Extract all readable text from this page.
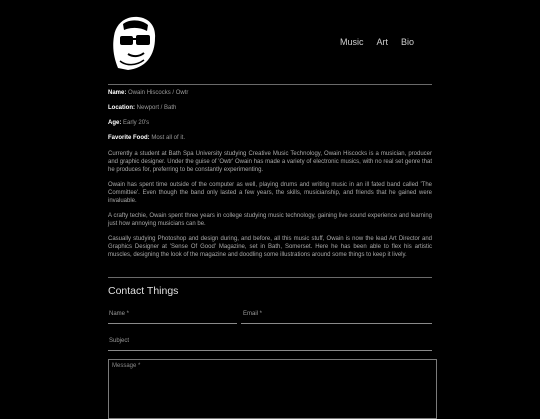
Music Art Bio
Name: Owain Hiscocks / Owtr
Location: Newport / Bath
Age: Early 20's
Favorite Food: Most all of it.

Currently a student at Bath Spa University studying Creative Music Technology, Owain Hiscocks is a musician, producer and graphic designer. Under the guise of 'Owtr' Owain has made a variety of electronic musics, with no real set genre that he produces for, preferring to be constantly experimenting.

Owain has spent time outside of the computer as well, playing drums and writing music in an ill fated band called 'The Committee'. Even though the band only lasted a few years, the skills, musicianship, and friends that he gained were invaluable.

A crafty techie, Owain spent three years in college studying music technology, gaining live sound experience and learning just how annoying musicians can be.

Casually studying Photoshop and design during, and before, all this music stuff, Owain is now the lead Art Director and Graphics Designer at 'Sense Of Good' Magazine, set in Bath, Somerset. Here he has been able to flex his artistic muscles, designing the look of the magazine and doodling some illustrations around some things to keep it lively.

Contact Things
Name *	Email *
Subject
Message *
